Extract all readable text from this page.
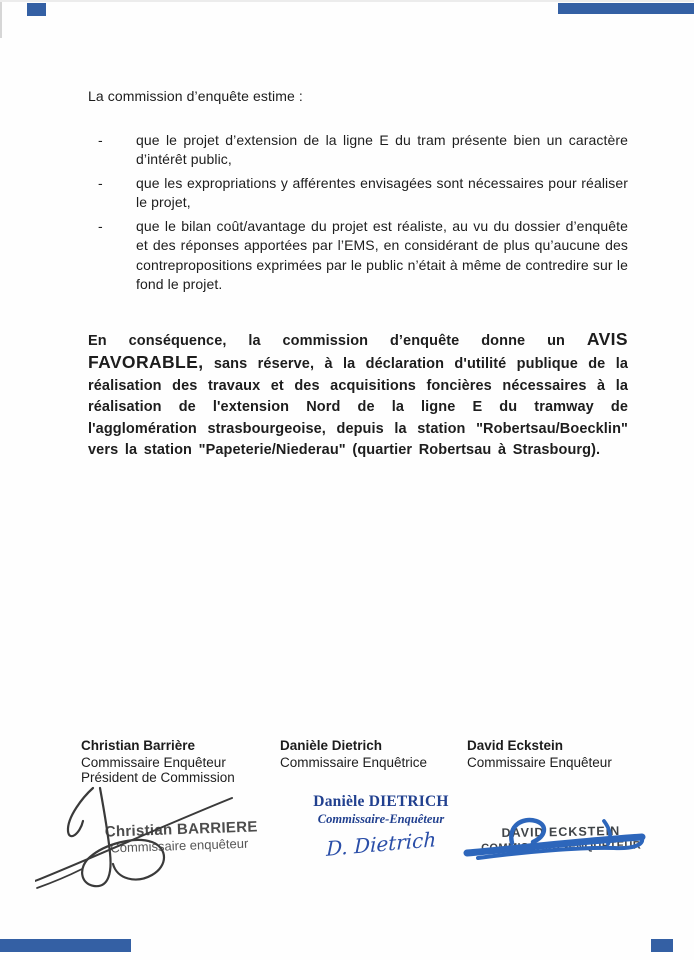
La commission d’enquête estime :

- que le projet d’extension de la ligne E du tram présente bien un caractère d’intérêt public,
- que les expropriations y afférentes envisagées sont nécessaires pour réaliser le projet,
- que le bilan coût/avantage du projet est réaliste, au vu du dossier d’enquête et des réponses apportées par l’EMS, en considérant de plus qu’aucune des contrepropositions exprimées par le public n’était à même de contredire sur le fond le projet.

En conséquence, la commission d’enquête donne un AVIS FAVORABLE, sans réserve, à la déclaration d'utilité publique de la réalisation des travaux et des acquisitions foncières nécessaires à la réalisation de l'extension Nord de la ligne E du tramway de l'agglomération strasbourgeoise, depuis la station "Robertsau/Boecklin" vers la station "Papeterie/Niederau" (quartier Robertsau à Strasbourg).

Christian Barrière
Commissaire Enquêteur
Président de Commission
Danièle Dietrich
Commissaire Enquêtrice
David Eckstein
Commissaire Enquêteur
Christian BARRIERE
Commissaire enquêteur
Danièle DIETRICH
Commissaire-Enquêteur
D. Dietrich	DAVID ECKSTEIN
COMMISSAIRE-ENQUÊTEUR
